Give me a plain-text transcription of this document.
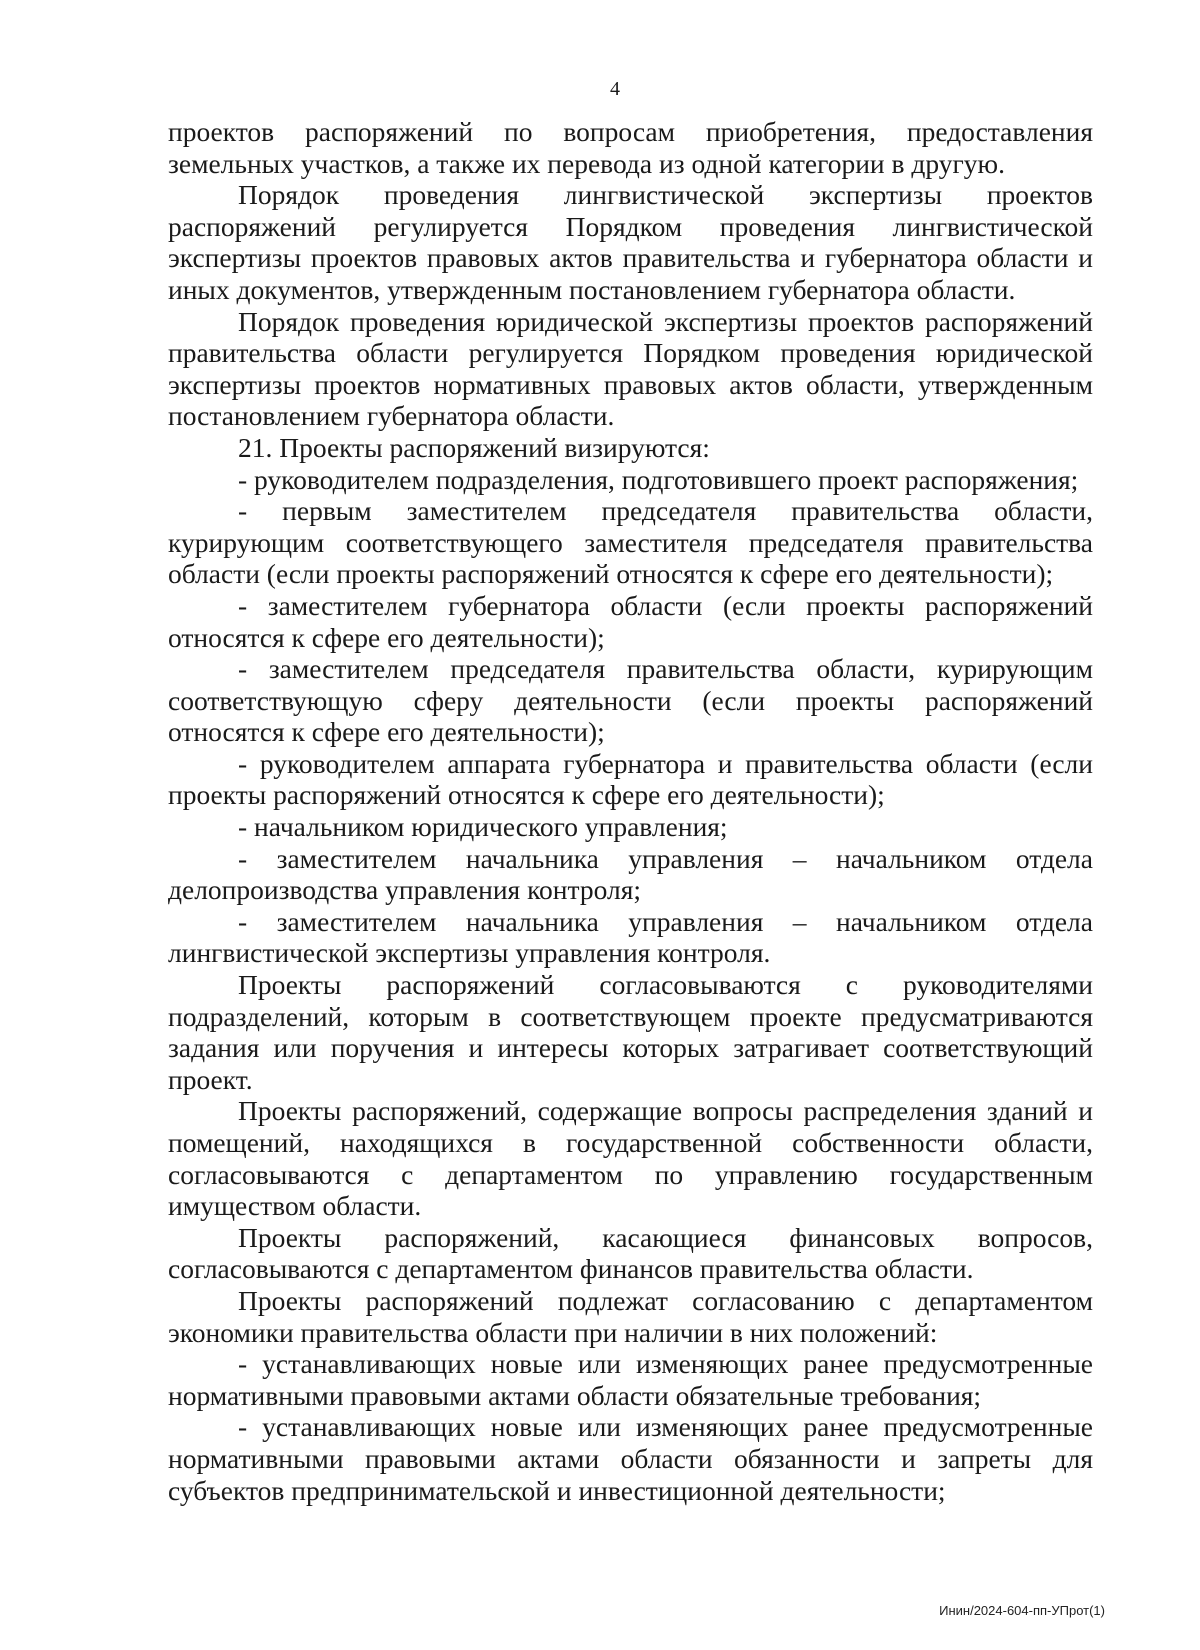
4

проектов распоряжений по вопросам приобретения, предоставления земельных участков, а также их перевода из одной категории в другую.

Порядок проведения лингвистической экспертизы проектов распоряжений регулируется Порядком проведения лингвистической экспертизы проектов правовых актов правительства и губернатора области и иных документов, утвержденным постановлением губернатора области.

Порядок проведения юридической экспертизы проектов распоряжений правительства области регулируется Порядком проведения юридической экспертизы проектов нормативных правовых актов области, утвержденным постановлением губернатора области.

21. Проекты распоряжений визируются:

- руководителем подразделения, подготовившего проект распоряжения;

- первым заместителем председателя правительства области, курирующим соответствующего заместителя председателя правительства области (если проекты распоряжений относятся к сфере его деятельности);

- заместителем губернатора области (если проекты распоряжений относятся к сфере его деятельности);

- заместителем председателя правительства области, курирующим соответствующую сферу деятельности (если проекты распоряжений относятся к сфере его деятельности);

- руководителем аппарата губернатора и правительства области (если проекты распоряжений относятся к сфере его деятельности);

- начальником юридического управления;

- заместителем начальника управления – начальником отдела делопроизводства управления контроля;

- заместителем начальника управления – начальником отдела лингвистической экспертизы управления контроля.

Проекты распоряжений согласовываются с руководителями подразделений, которым в соответствующем проекте предусматриваются задания или поручения и интересы которых затрагивает соответствующий проект.

Проекты распоряжений, содержащие вопросы распределения зданий и помещений, находящихся в государственной собственности области, согласовываются с департаментом по управлению государственным имуществом области.

Проекты распоряжений, касающиеся финансовых вопросов, согласовываются с департаментом финансов правительства области.

Проекты распоряжений подлежат согласованию с департаментом экономики правительства области при наличии в них положений:

- устанавливающих новые или изменяющих ранее предусмотренные нормативными правовыми актами области обязательные требования;

- устанавливающих новые или изменяющих ранее предусмотренные нормативными правовыми актами области обязанности и запреты для субъектов предпринимательской и инвестиционной деятельности;

Инин/2024-604-пп-УПрот(1)
